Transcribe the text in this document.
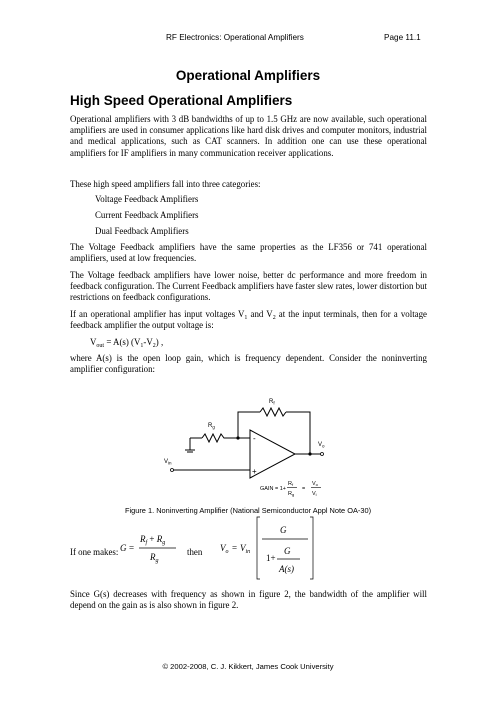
RF Electronics: Operational Amplifiers	Page 11.1
Operational Amplifiers
High Speed Operational Amplifiers
Operational amplifiers with 3 dB bandwidths of up to 1.5 GHz are now available, such operational amplifiers are used in consumer applications like hard disk drives and computer monitors, industrial and medical applications, such as CAT scanners. In addition one can use these operational amplifiers for IF amplifiers in many communication receiver applications.
These high speed amplifiers fall into three categories:
Voltage Feedback Amplifiers
Current Feedback Amplifiers
Dual Feedback Amplifiers
The Voltage Feedback amplifiers have the same properties as the LF356 or 741 operational amplifiers, used at low frequencies.
The Voltage feedback amplifiers have lower noise, better dc performance and more freedom in feedback configuration. The Current Feedback amplifiers have faster slew rates, lower distortion but restrictions on feedback configurations.
If an operational amplifier has input voltages $V_1$ and $V_2$ at the input terminals, then for a voltage feedback amplifier the output voltage is:
$V_{out} = A(s)$ $(V_1-V_2)$ ,
where A(s) is the open loop gain, which is frequency dependent. Consider the noninverting amplifier configuration:
$R_f$
$R_g$
$V_o$
$V_{in}$
-
+
GAIN = 1+
Rf
Rg
=
Vo
Vi
Figure 1. Noninverting Amplifier (National Semiconductor Appl Note OA-30)
If one makes: G =
$R_f + R_g$
$R_g$
then $V_o = V_{in}$
G
1+
G
A(s)
Since G(s) decreases with frequency as shown in figure 2, the bandwidth of the amplifier will depend on the gain as is also shown in figure 2.
© 2002-2008, C. J. Kikkert, James Cook University
